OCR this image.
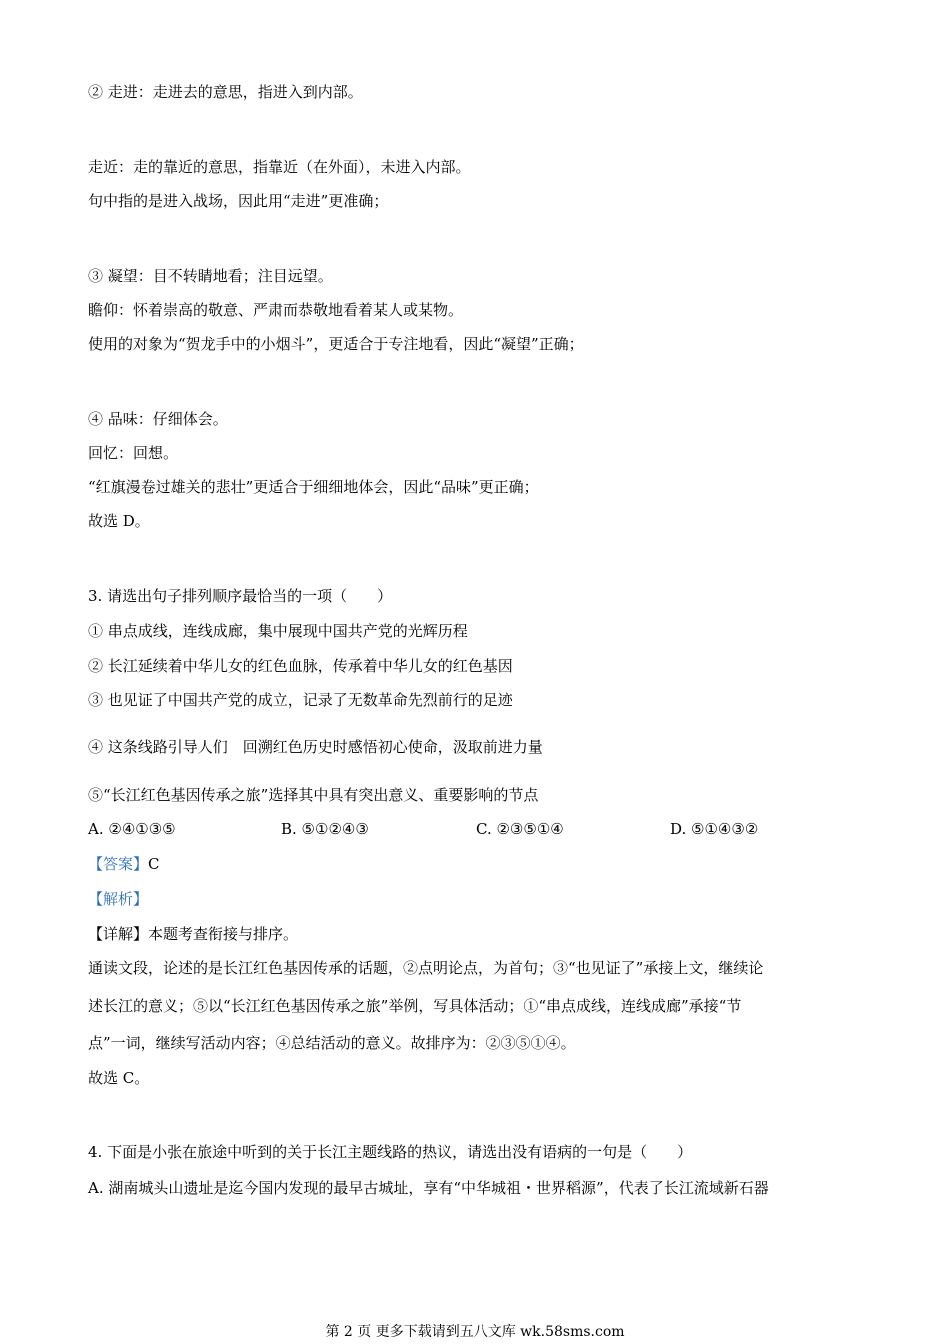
② 走进：走进去的意思，指进入到内部。
走近：走的靠近的意思，指靠近（在外面），未进入内部。
句中指的是进入战场，因此用“走进”更准确；
③ 凝望：目不转睛地看；注目远望。
瞻仰：怀着崇高的敬意、严肃而恭敬地看着某人或某物。
使用的对象为“贺龙手中的小烟斗”，更适合于专注地看，因此“凝望”正确；
④ 品味：仔细体会。
回忆：回想。
“红旗漫卷过雄关的悲壮”更适合于细细地体会，因此“品味”更正确；
故选 D。
3. 请选出句子排列顺序最恰当的一项（　　）
① 串点成线，连线成廊，集中展现中国共产党的光辉历程
② 长江延续着中华儿女的红色血脉，传承着中华儿女的红色基因
③ 也见证了中国共产党的成立，记录了无数革命先烈前行的足迹
④ 这条线路引导人们　回溯红色历史时感悟初心使命，汲取前进力量
⑤“长江红色基因传承之旅”选择其中具有突出意义、重要影响的节点
A. ②④①③⑤	B. ⑤①②④③	C. ②③⑤①④	D. ⑤①④③②
【答案】C
【解析】
【详解】本题考查衔接与排序。
通读文段，论述的是长江红色基因传承的话题，②点明论点，为首句；③“也见证了”承接上文，继续论
述长江的意义；⑤以“长江红色基因传承之旅”举例，写具体活动；①“串点成线，连线成廊”承接“节
点”一词，继续写活动内容；④总结活动的意义。故排序为：②③⑤①④。
故选 C。
4. 下面是小张在旅途中听到的关于长江主题线路的热议，请选出没有语病的一句是（　　）
A. 湖南城头山遗址是迄今国内发现的最早古城址，享有“中华城祖・世界稻源”，代表了长江流域新石器
第 2 页 更多下载请到五八文库 wk.58sms.com
